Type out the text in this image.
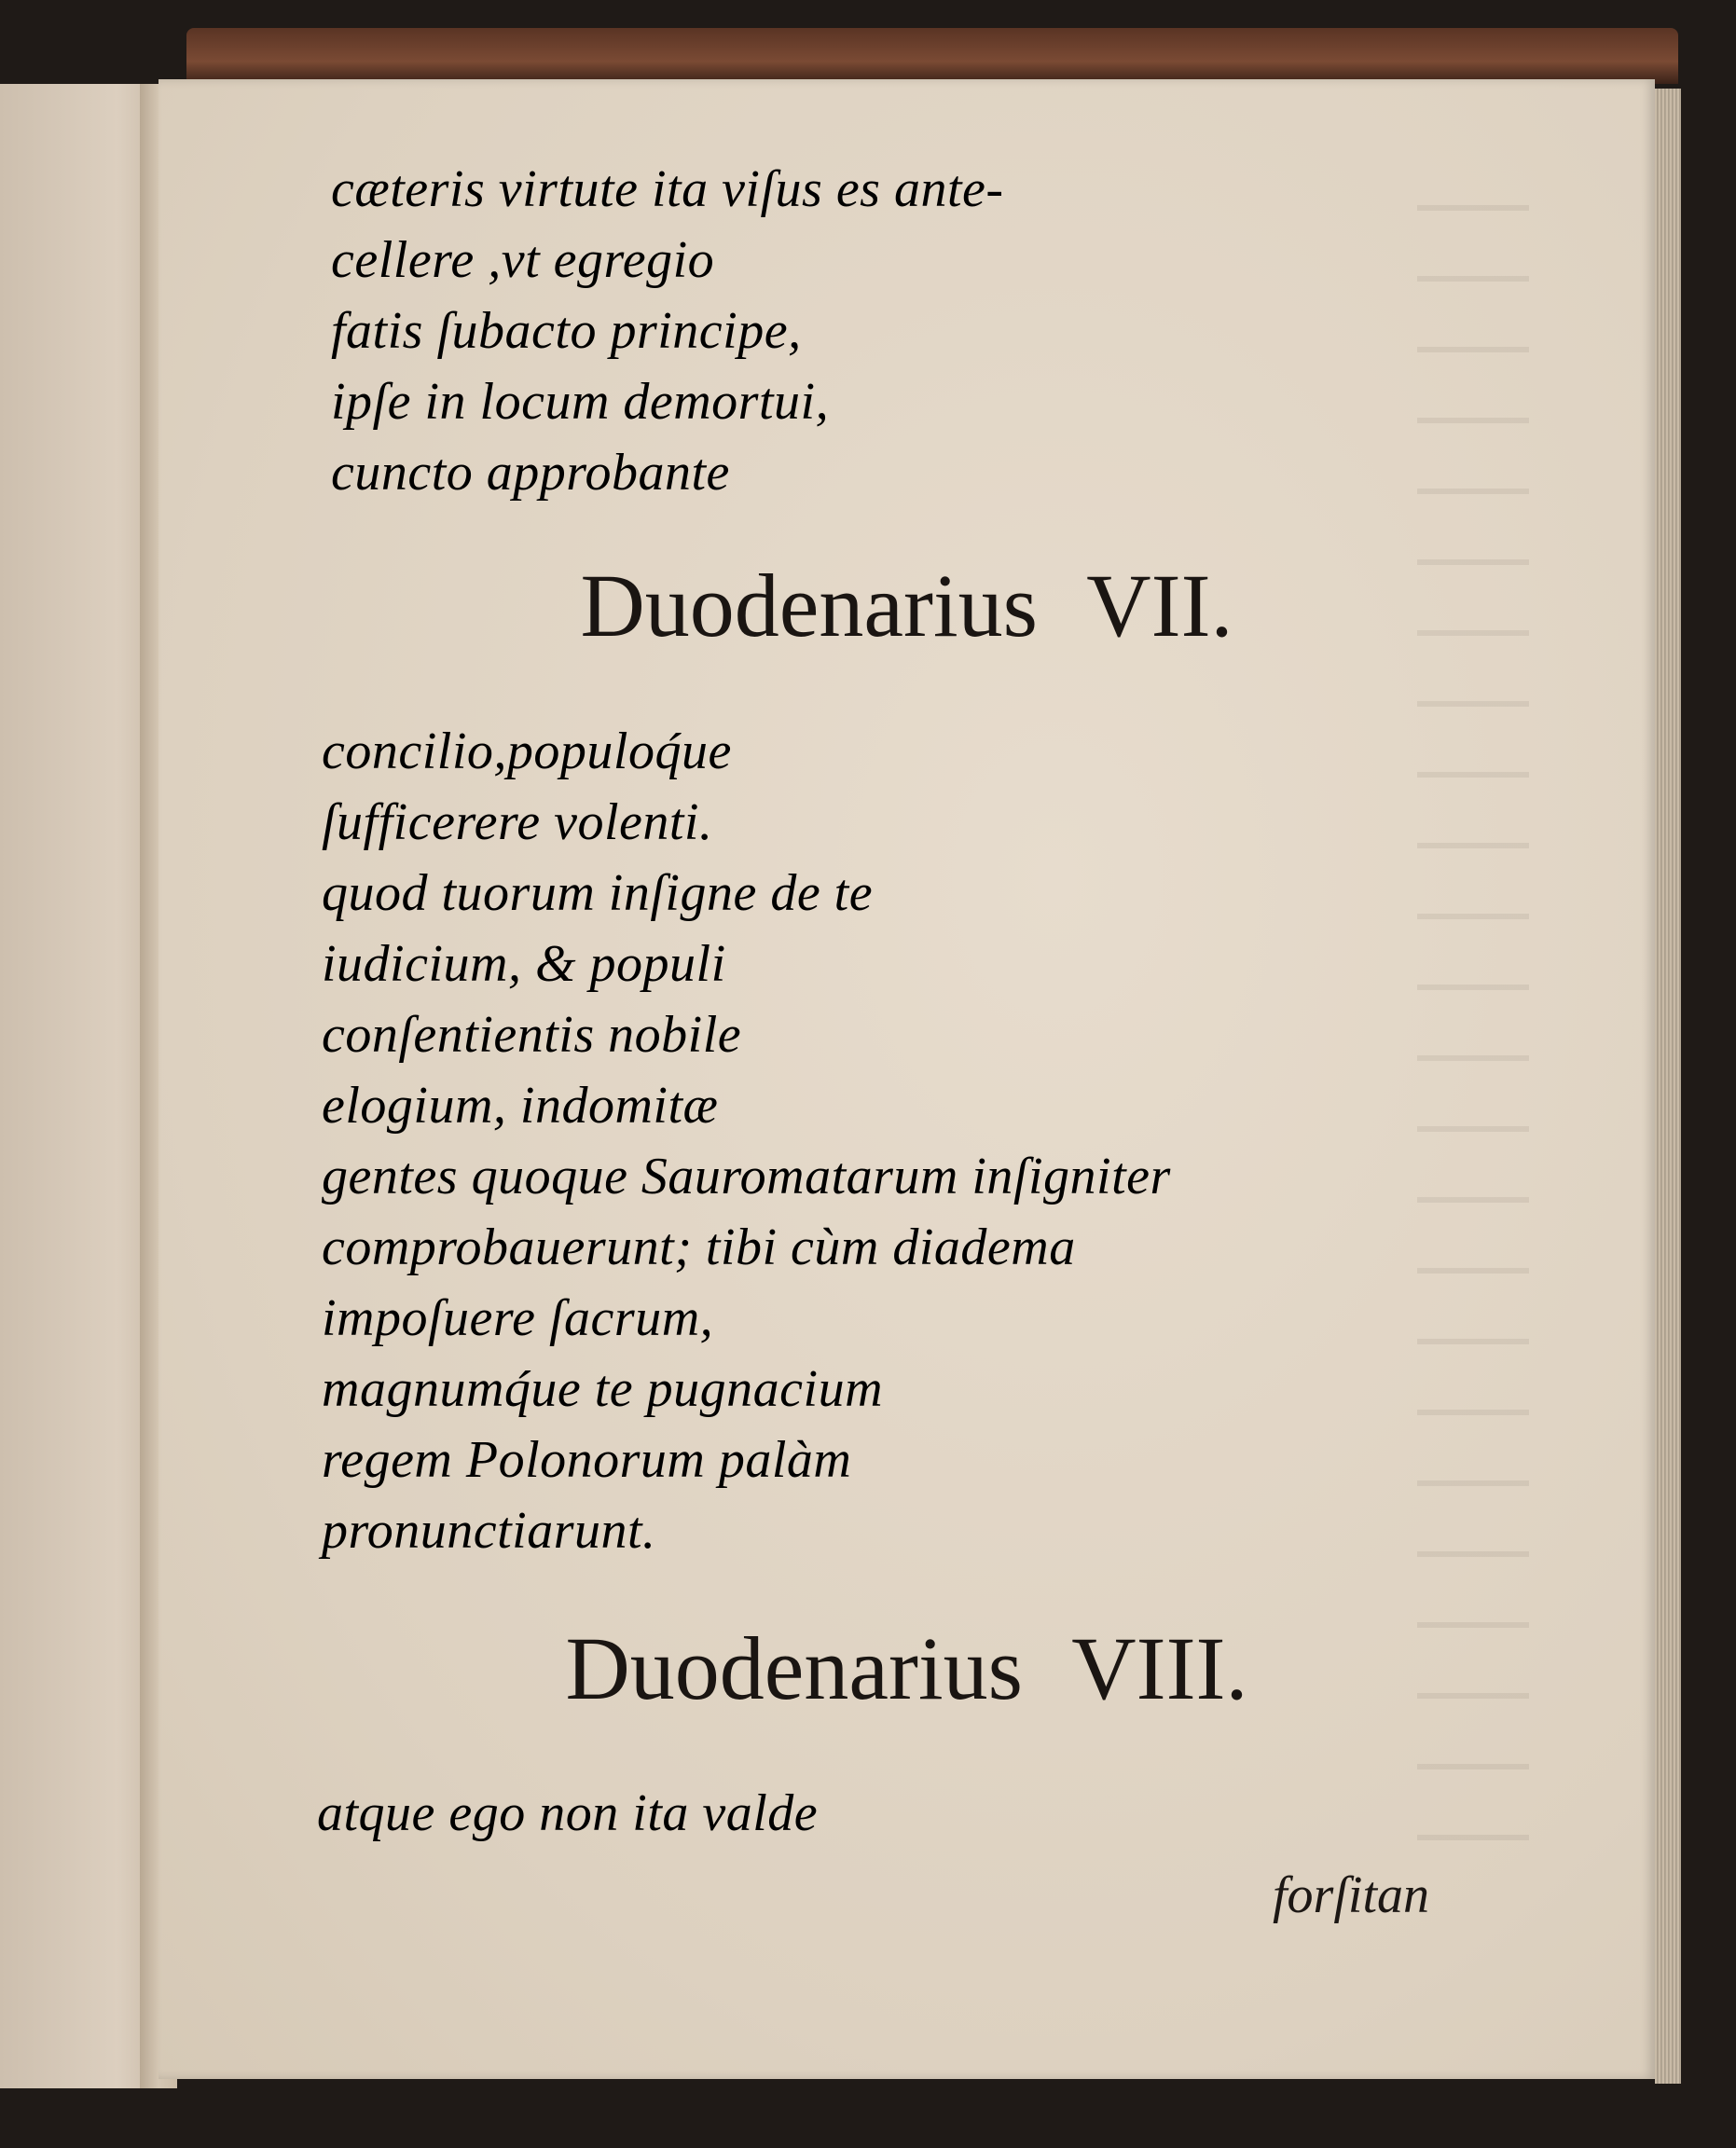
cæteris virtute ita viſus es ante-
cellere ,vt egregio
fatis ſubacto principe,
ipſe in locum demortui,
cuncto approbante
Duodenarius VII.
concilio,populoq́ue
ſufficerere volenti.
quod tuorum inſigne de te
iudicium, & populi
conſentientis nobile
elogium, indomitæ
gentes quoque Sauromatarum inſigniter
comprobauerunt; tibi cùm diadema
impoſuere ſacrum,
magnumq́ue te pugnacium
regem Polonorum palàm
pronunctiarunt.
Duodenarius VIII.
atque ego non ita valde
forſitan
